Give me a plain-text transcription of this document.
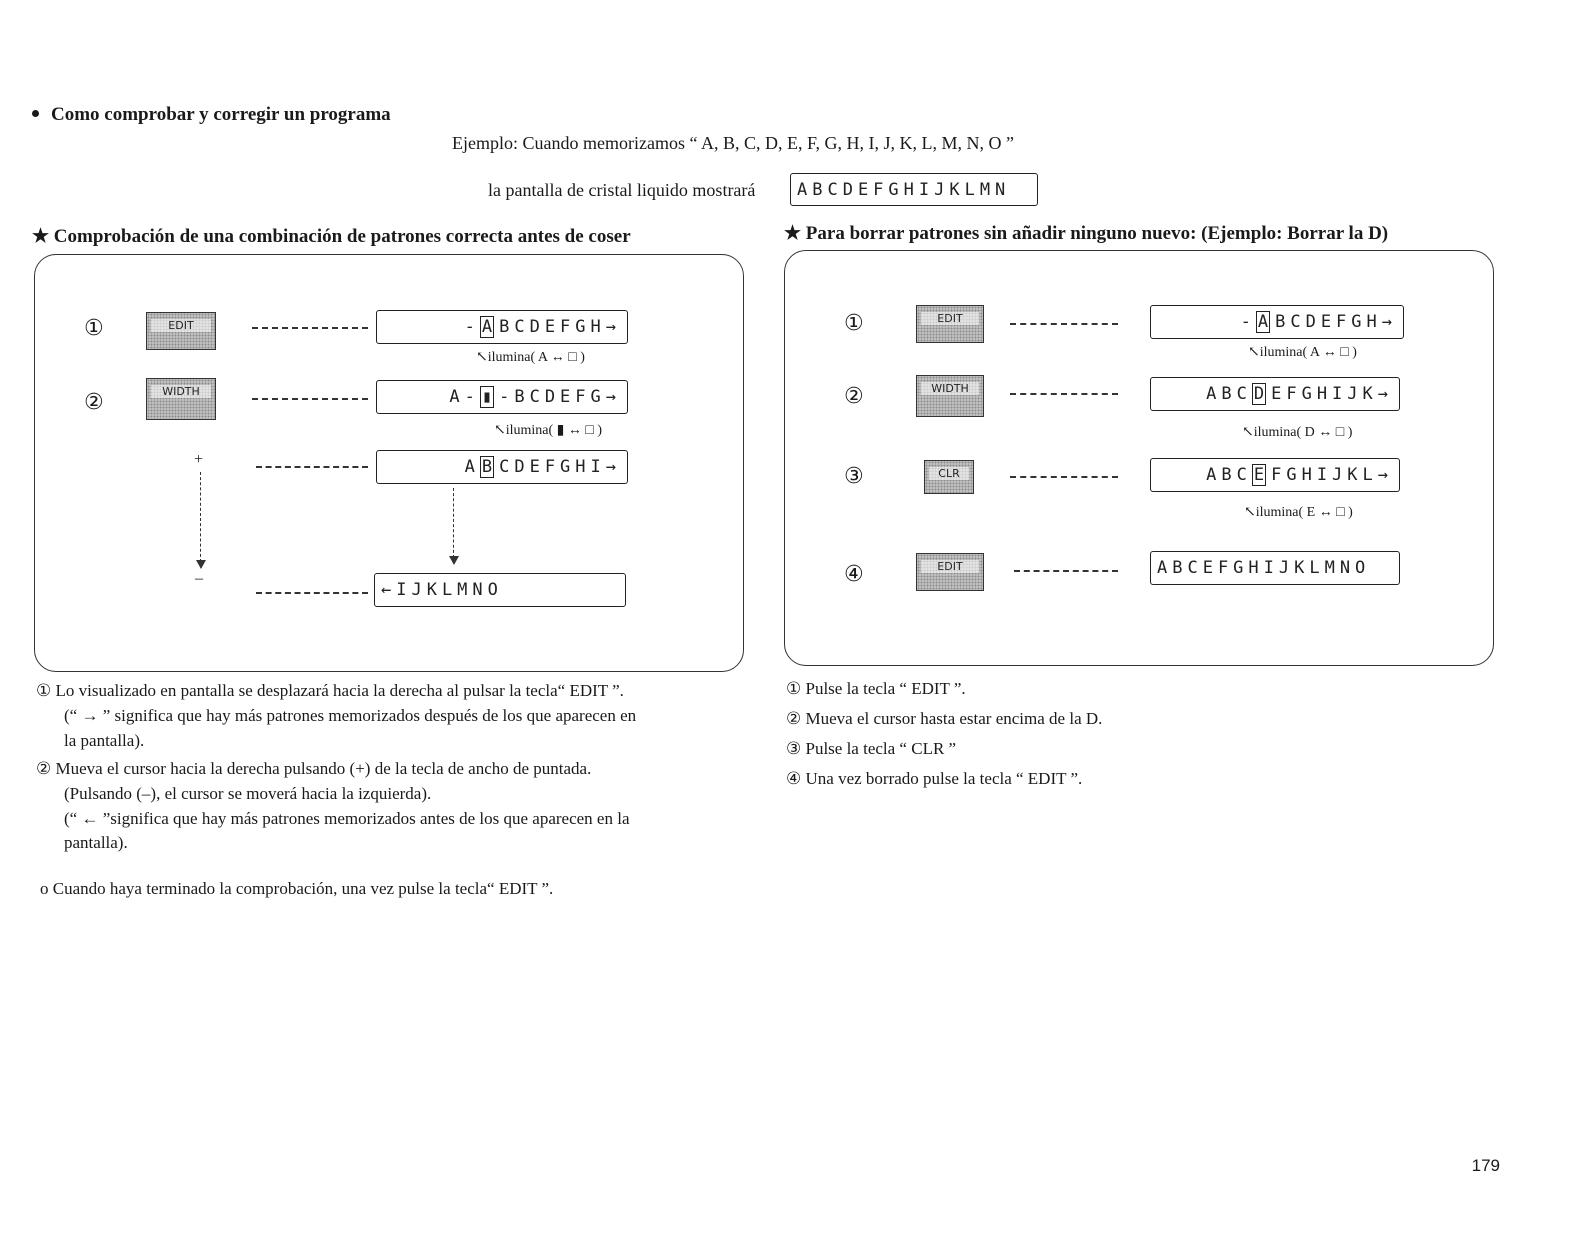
Como comprobar y corregir un programa
Ejemplo: Cuando memorizamos “ A, B, C, D, E, F, G, H, I, J, K, L, M, N, O ”
la pantalla de cristal liquido mostrará ABCDEFGHIJKLMN
★ Comprobación de una combinación de patrones correcta antes de coser	★ Para borrar patrones sin añadir ninguno nuevo: (Ejemplo: Borrar la D)
①	EDIT	- A BCDEFGH→
↖ilumina( A ↔ □ )
②	WIDTH	A- ▮ -BCDEFG→
↖ilumina( ▮ ↔ □ )
+
–
A B CDEFGHI→
←IJKLMNO
①	EDIT	- A BCDEFGH→
↖ilumina( A ↔ □ )
②	WIDTH	ABC D EFGHIJK→
↖ilumina( D ↔ □ )
③	CLR	ABC E FGHIJKL→
↖ilumina( E ↔ □ )
④	EDIT	ABCEFGHIJKLMNO
① Lo visualizado en pantalla se desplazará hacia la derecha al pulsar la tecla“ EDIT ”.
(“ → ” significa que hay más patrones memorizados después de los que aparecen en
la pantalla).
② Mueva el cursor hacia la derecha pulsando (+) de la tecla de ancho de puntada.
(Pulsando (–), el cursor se moverá hacia la izquierda).
(“ ← ”significa que hay más patrones memorizados antes de los que aparecen en la
pantalla).
o Cuando haya terminado la comprobación, una vez pulse la tecla“ EDIT ”.
① Pulse la tecla “ EDIT ”.
② Mueva el cursor hasta estar encima de la D.
③ Pulse la tecla “ CLR ”
④ Una vez borrado pulse la tecla “ EDIT ”.
179
